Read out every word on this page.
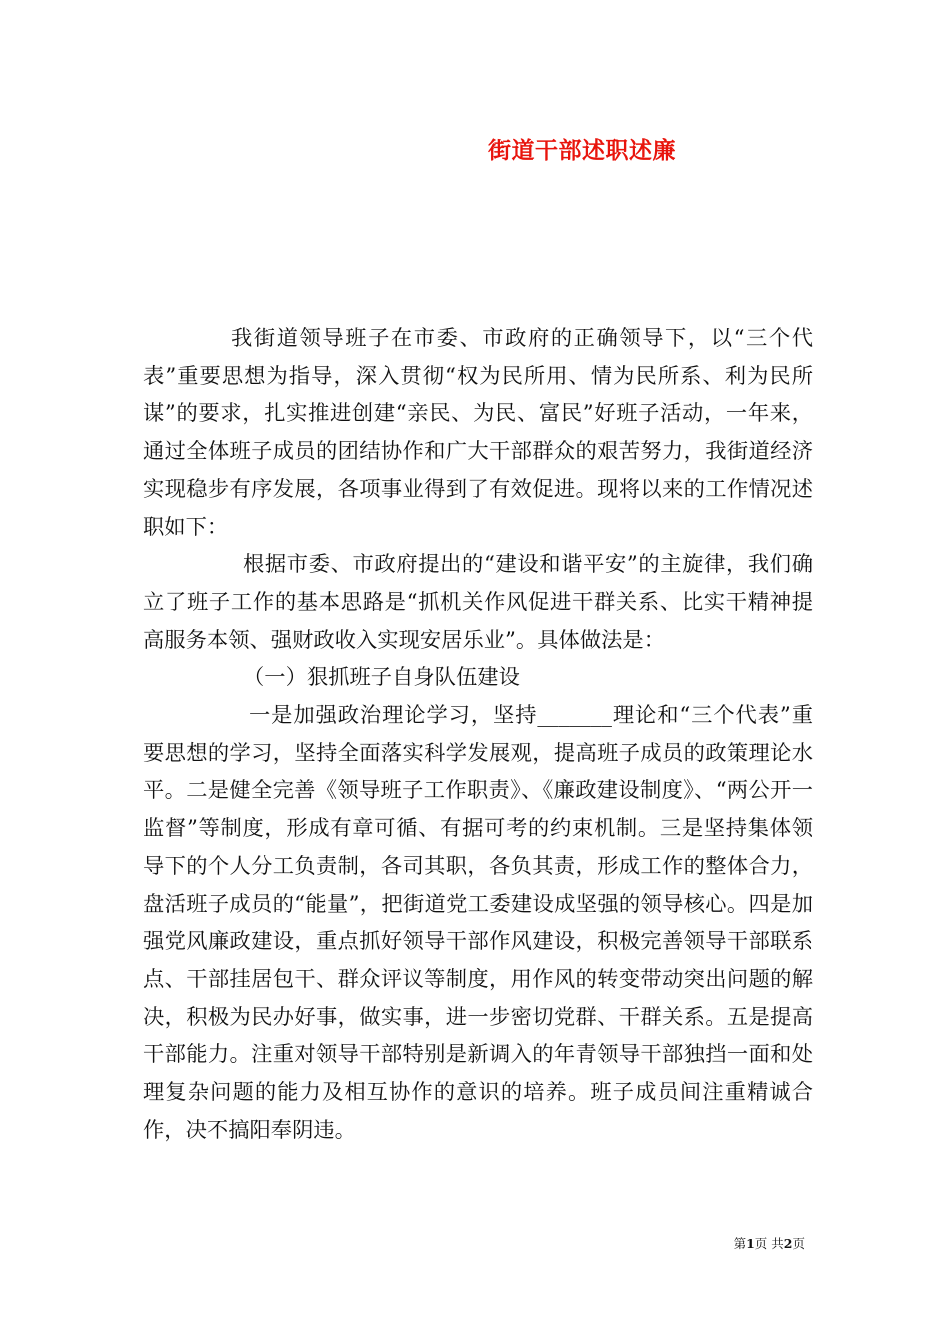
街道干部述职述廉

我街道领导班子在市委、市政府的正确领导下，以“三个代表”重要思想为指导，深入贯彻“权为民所用、情为民所系、利为民所谋”的要求，扎实推进创建“亲民、为民、富民”好班子活动，一年来，通过全体班子成员的团结协作和广大干部群众的艰苦努力，我街道经济实现稳步有序发展，各项事业得到了有效促进。现将以来的工作情况述职如下：

根据市委、市政府提出的“建设和谐平安”的主旋律，我们确立了班子工作的基本思路是“抓机关作风促进干群关系、比实干精神提高服务本领、强财政收入实现安居乐业”。具体做法是：

（一）狠抓班子自身队伍建设

一是加强政治理论学习，坚持_______理论和“三个代表”重要思想的学习，坚持全面落实科学发展观，提高班子成员的政策理论水平。二是健全完善《领导班子工作职责》、《廉政建设制度》、“两公开一监督”等制度，形成有章可循、有据可考的约束机制。三是坚持集体领导下的个人分工负责制，各司其职，各负其责，形成工作的整体合力，盘活班子成员的“能量”，把街道党工委建设成坚强的领导核心。四是加强党风廉政建设，重点抓好领导干部作风建设，积极完善领导干部联系点、干部挂居包干、群众评议等制度，用作风的转变带动突出问题的解决，积极为民办好事，做实事，进一步密切党群、干群关系。五是提高干部能力。注重对领导干部特别是新调入的年青领导干部独挡一面和处理复杂问题的能力及相互协作的意识的培养。班子成员间注重精诚合作，决不搞阳奉阴违。

第1页 共2页
